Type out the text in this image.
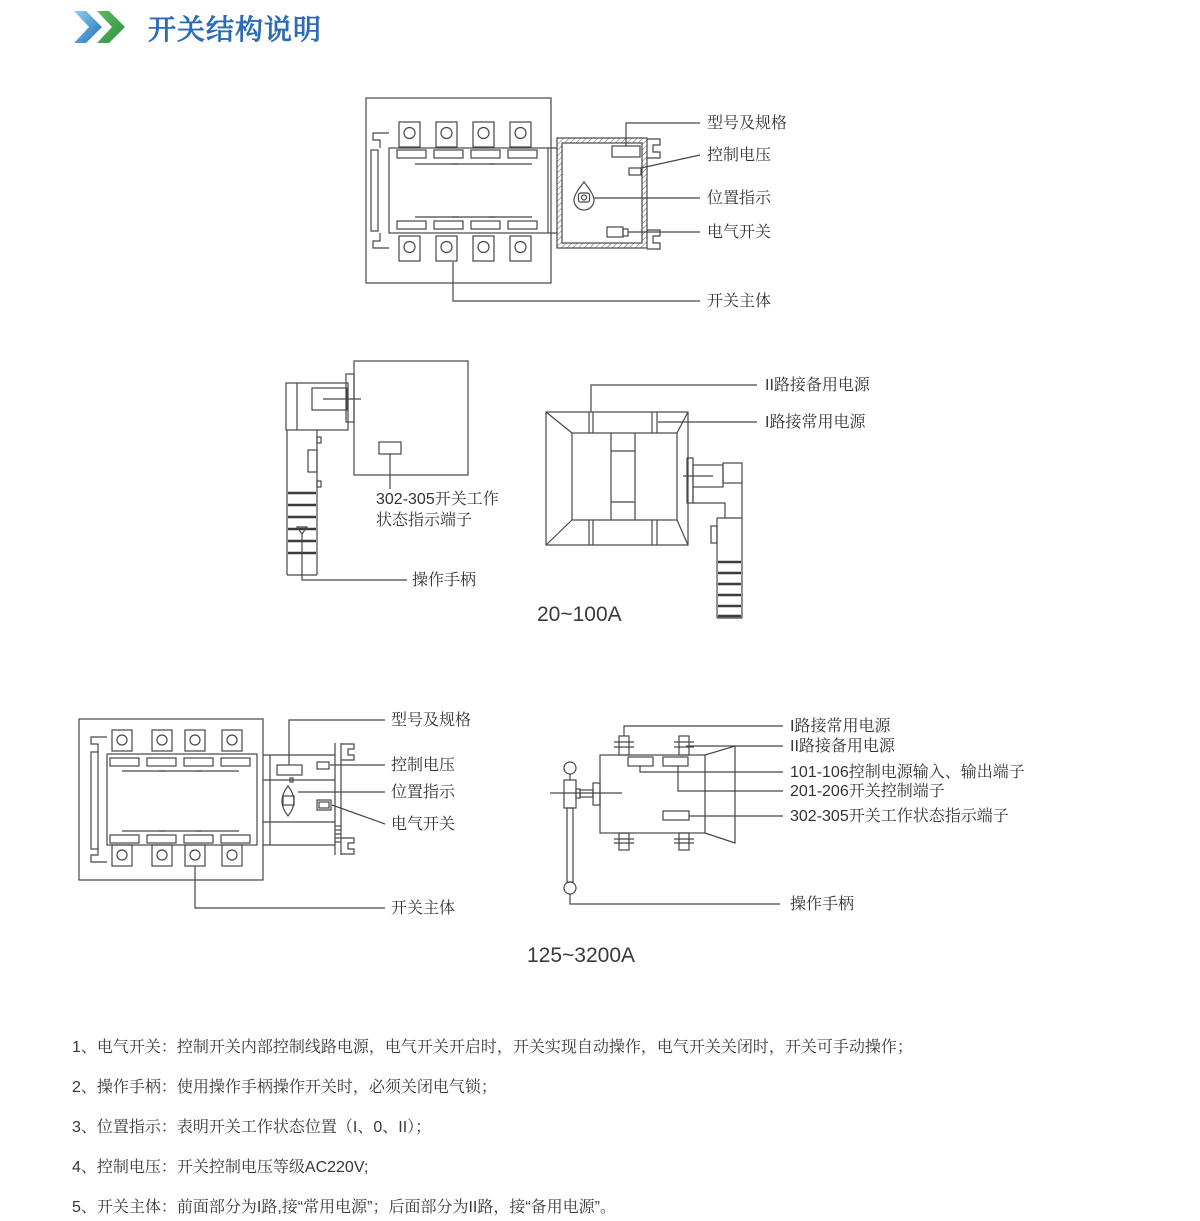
开关结构说明
型号及规格
控制电压
位置指示
电气开关
开关主体
302-305开关工作
状态指示端子
操作手柄
II路接备用电源
I路接常用电源
20~100A
型号及规格
控制电压
位置指示
电气开关
开关主体
I路接常用电源
II路接备用电源
101-106控制电源输入、输出端子
201-206开关控制端子
302-305开关工作状态指示端子
操作手柄
125~3200A

1、电气开关：控制开关内部控制线路电源，电气开关开启时，开关实现自动操作，电气开关关闭时，开关可手动操作；

2、操作手柄：使用操作手柄操作开关时，必须关闭电气锁；

3、位置指示：表明开关工作状态位置（I、0、II）；

4、控制电压：开关控制电压等级AC220V;

5、开关主体：前面部分为I路,接“常用电源”；后面部分为II路，接“备用电源”。
